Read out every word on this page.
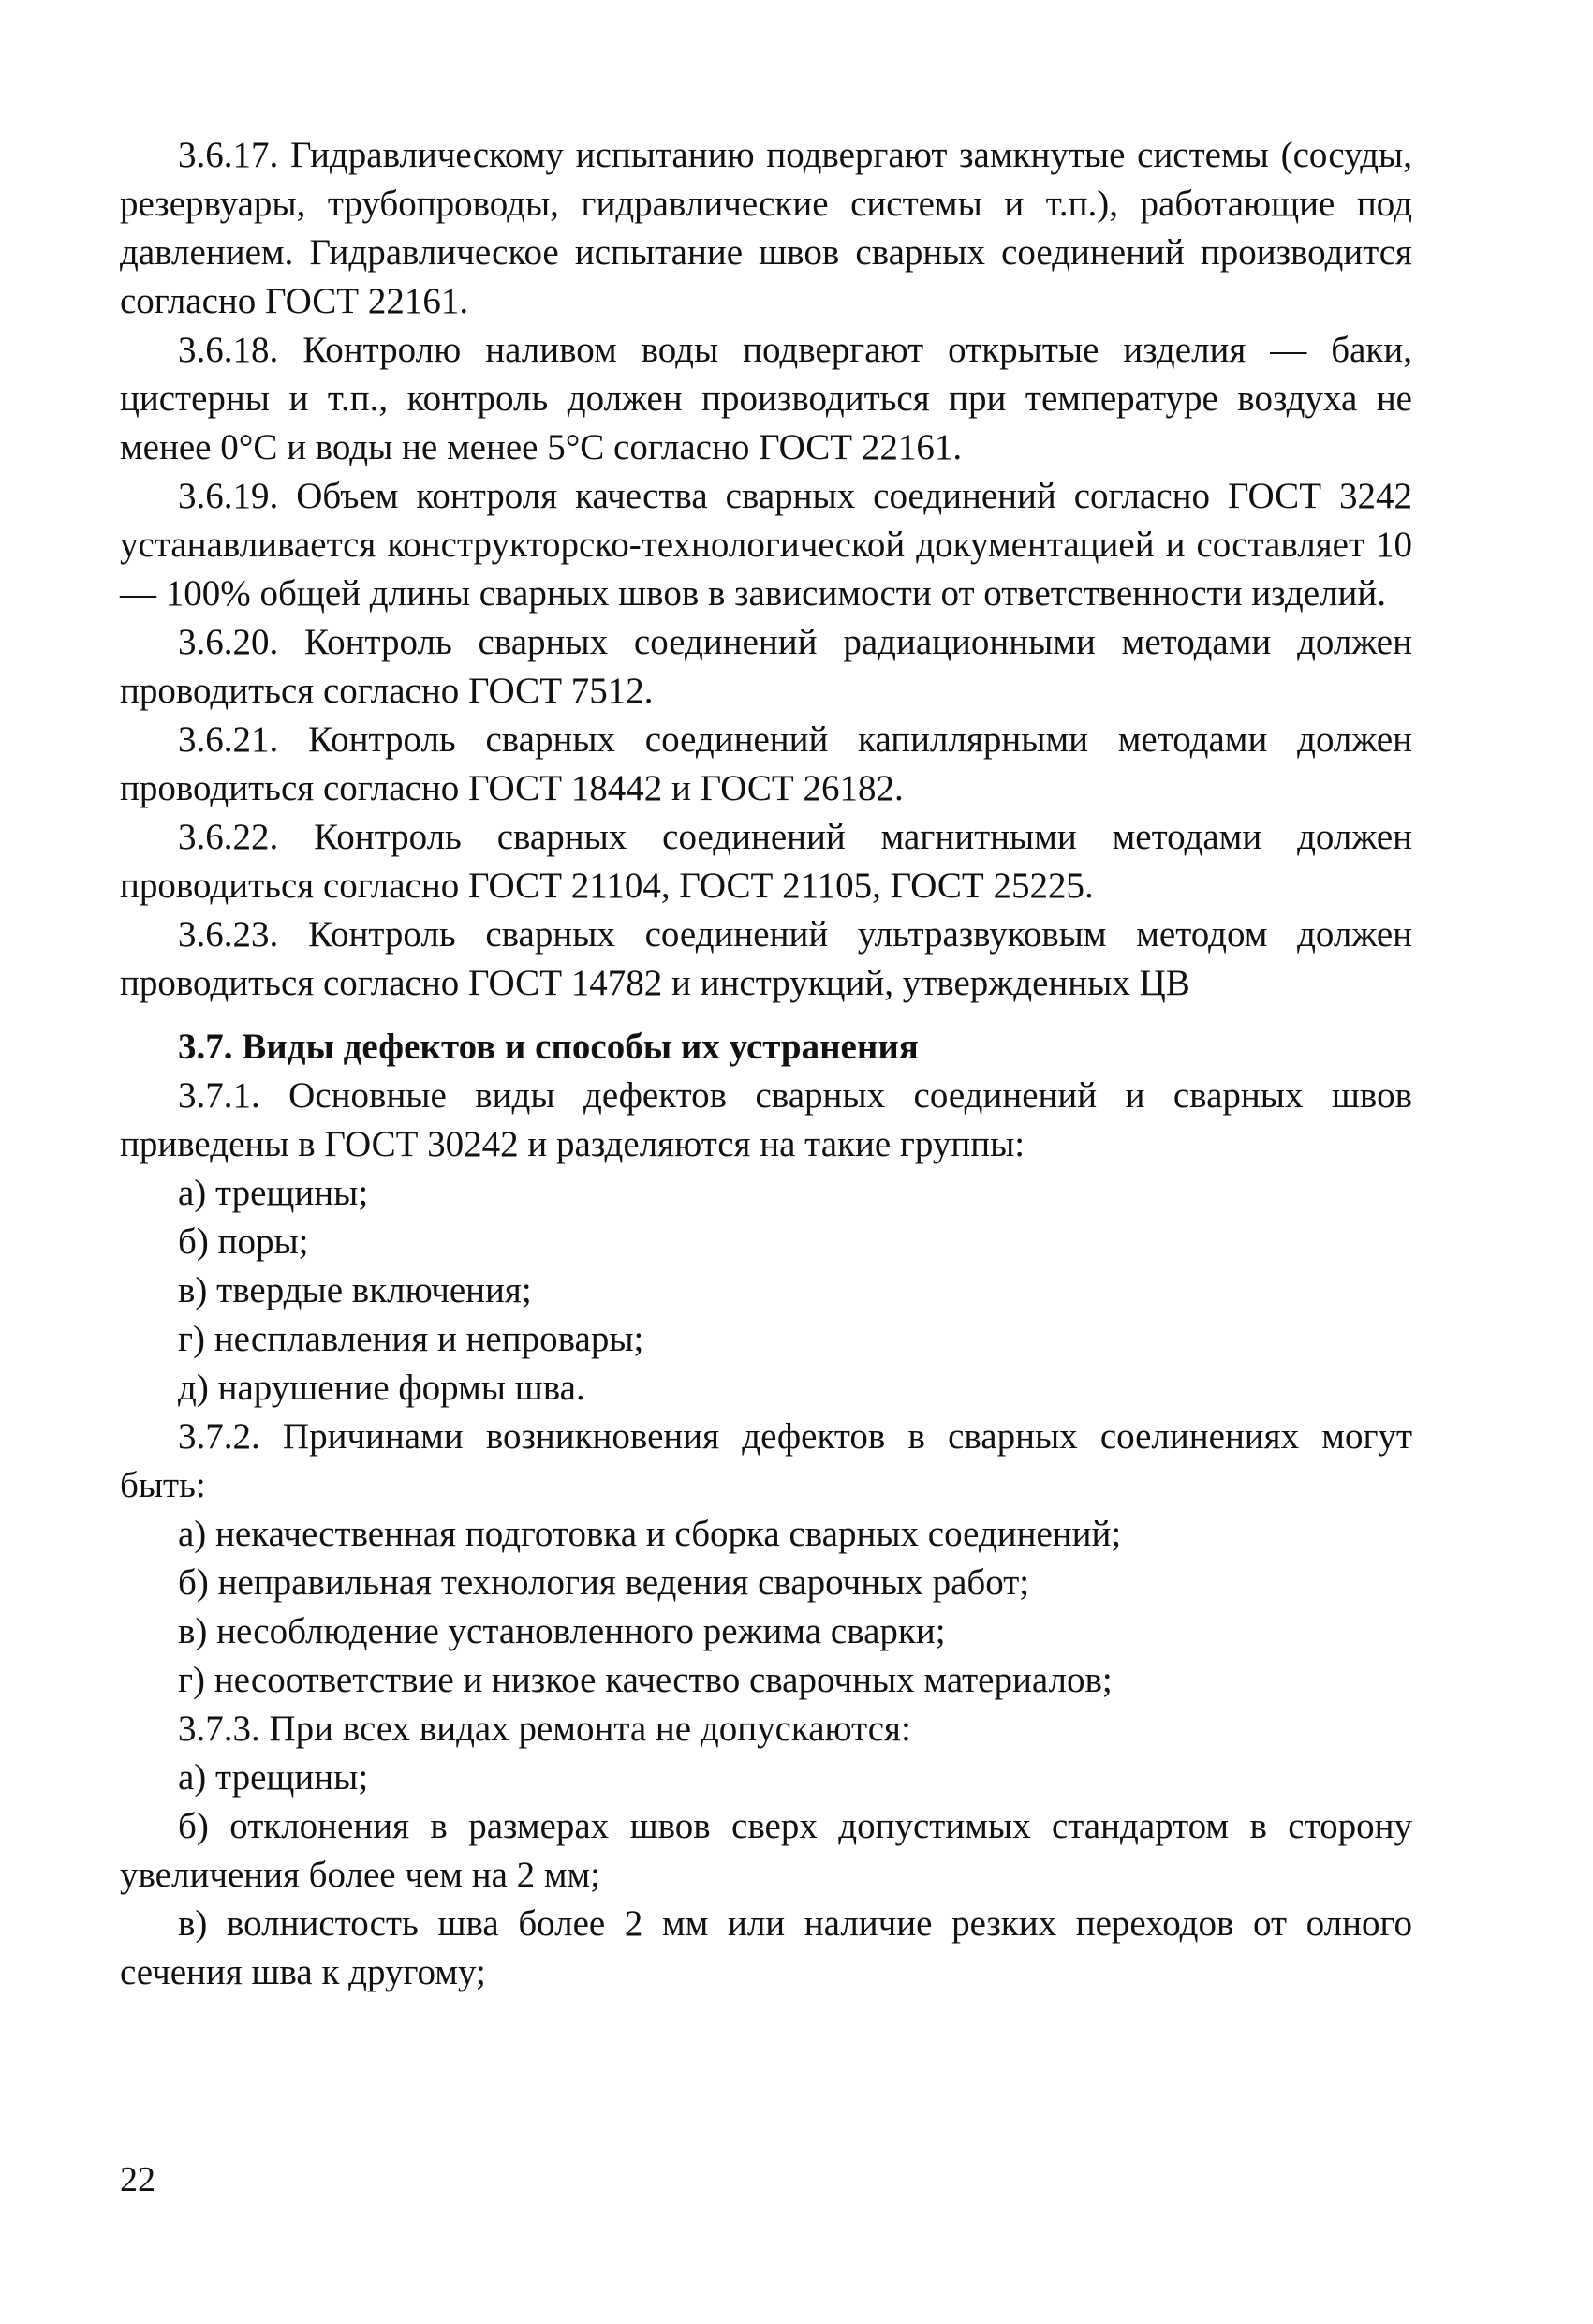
3.6.17. Гидравлическому испытанию подвергают замкнутые системы (сосуды, резервуары, трубопроводы, гидравлические системы и т.п.), работающие под давлением. Гидравлическое испытание швов сварных соединений производится согласно ГОСТ 22161.

3.6.18. Контролю наливом воды подвергают открытые изделия — баки, цистерны и т.п., контроль должен производиться при температуре воздуха не менее 0°С и воды не менее 5°С согласно ГОСТ 22161.

3.6.19. Объем контроля качества сварных соединений согласно ГОСТ 3242 устанавливается конструкторско-технологической документацией и составляет 10 — 100% общей длины сварных швов в зависимости от ответственности изделий.

3.6.20. Контроль сварных соединений радиационными методами должен проводиться согласно ГОСТ 7512.

3.6.21. Контроль сварных соединений капиллярными методами должен проводиться согласно ГОСТ 18442 и ГОСТ 26182.

3.6.22. Контроль сварных соединений магнитными методами должен проводиться согласно ГОСТ 21104, ГОСТ 21105, ГОСТ 25225.

3.6.23. Контроль сварных соединений ультразвуковым методом должен проводиться согласно ГОСТ 14782 и инструкций, утвержденных ЦВ

3.7. Виды дефектов и способы их устранения

3.7.1. Основные виды дефектов сварных соединений и сварных швов приведены в ГОСТ 30242 и разделяются на такие группы:

а) трещины;

б) поры;

в) твердые включения;

г) несплавления и непровары;

д) нарушение формы шва.

3.7.2. Причинами возникновения дефектов в сварных соелинениях могут быть:

а) некачественная подготовка и сборка сварных соединений;

б) неправильная технология ведения сварочных работ;

в) несоблюдение установленного режима сварки;

г) несоответствие и низкое качество сварочных материалов;

3.7.3. При всех видах ремонта не допускаются:

а) трещины;

б) отклонения в размерах швов сверх допустимых стандартом в сторону увеличения более чем на 2 мм;

в) волнистость шва более 2 мм или наличие резких переходов от олного сечения шва к другому;

22
